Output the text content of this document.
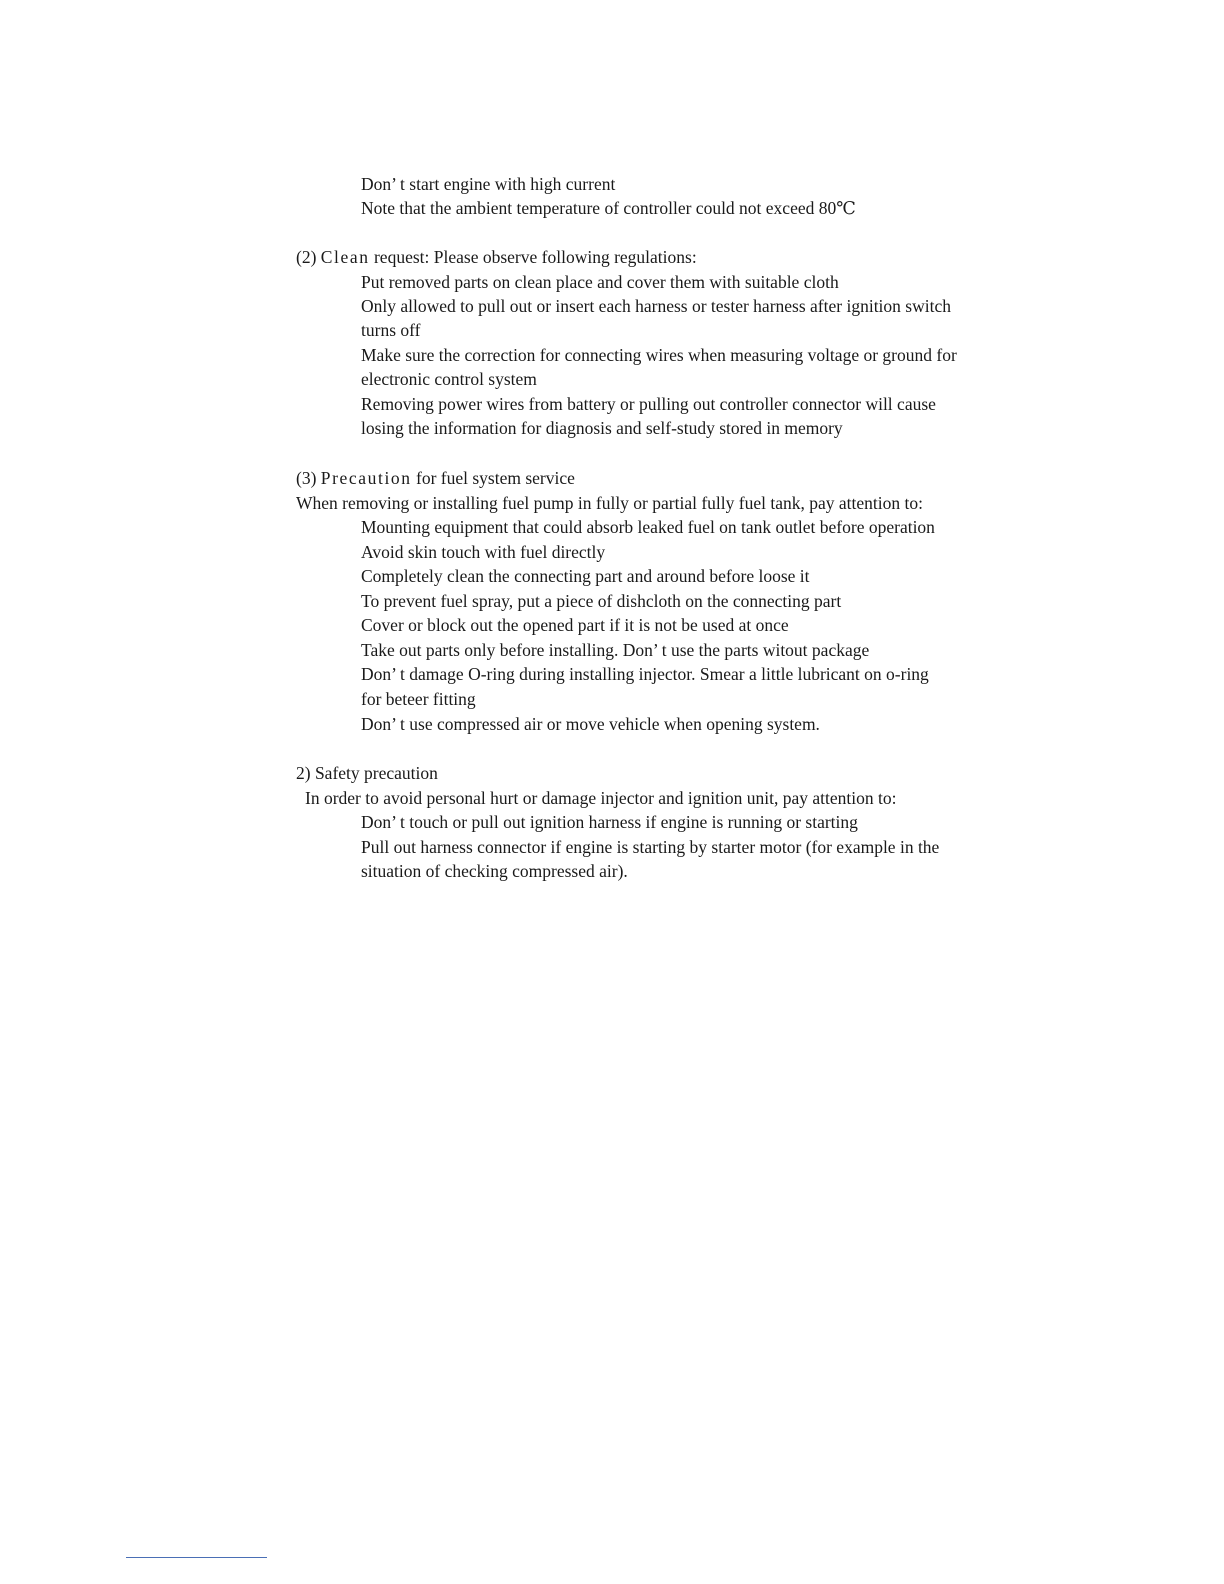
Don’ t start engine with high current
Note that the ambient temperature of controller could not exceed 80℃
(2) Clean request: Please observe following regulations:
Put removed parts on clean place and cover them with suitable cloth
Only allowed to pull out or insert each harness or tester harness after ignition switch
turns off
Make sure the correction for connecting wires when measuring voltage or ground for
electronic control system
Removing power wires from battery or pulling out controller connector will cause
losing the information for diagnosis and self-study stored in memory
(3) Precaution for fuel system service
When removing or installing fuel pump in fully or partial fully fuel tank, pay attention to:
Mounting equipment that could absorb leaked fuel on tank outlet before operation
Avoid skin touch with fuel directly
Completely clean the connecting part and around before loose it
To prevent fuel spray, put a piece of dishcloth on the connecting part
Cover or block out the opened part if it is not be used at once
Take out parts only before installing. Don’ t use the parts witout package
Don’ t damage O-ring during installing injector. Smear a little lubricant on o-ring
for beteer fitting
Don’ t use compressed air or move vehicle when opening system.
2) Safety precaution
In order to avoid personal hurt or damage injector and ignition unit, pay attention to:
Don’ t touch or pull out ignition harness if engine is running or starting
Pull out harness connector if engine is starting by starter motor (for example in the
situation of checking compressed air).
